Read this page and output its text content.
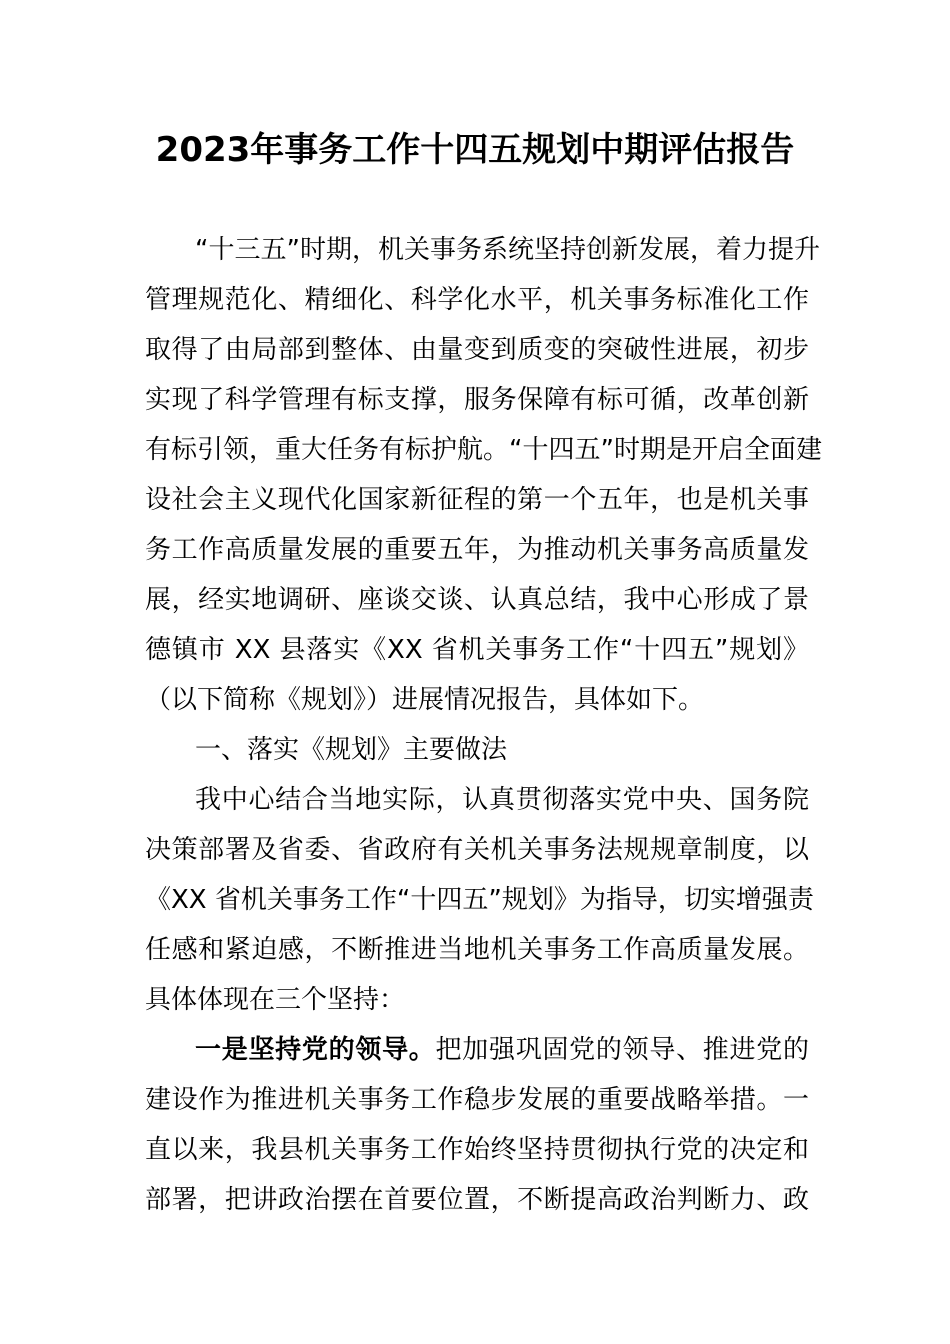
2023年事务工作十四五规划中期评估报告
“十三五”时期，机关事务系统坚持创新发展，着力提升
管理规范化、精细化、科学化水平，机关事务标准化工作
取得了由局部到整体、由量变到质变的突破性进展，初步
实现了科学管理有标支撑，服务保障有标可循，改革创新
有标引领，重大任务有标护航。“十四五”时期是开启全面建
设社会主义现代化国家新征程的第一个五年，也是机关事
务工作高质量发展的重要五年，为推动机关事务高质量发
展，经实地调研、座谈交谈、认真总结，我中心形成了景
德镇市 XX 县落实《XX 省机关事务工作“十四五”规划》
（以下简称《规划》）进展情况报告，具体如下。
一、落实《规划》主要做法
我中心结合当地实际，认真贯彻落实党中央、国务院
决策部署及省委、省政府有关机关事务法规规章制度，以
《XX 省机关事务工作“十四五”规划》为指导，切实增强责
任感和紧迫感，不断推进当地机关事务工作高质量发展。
具体体现在三个坚持：
一是坚持党的领导。把加强巩固党的领导、推进党的
建设作为推进机关事务工作稳步发展的重要战略举措。一
直以来，我县机关事务工作始终坚持贯彻执行党的决定和
部署，把讲政治摆在首要位置，不断提高政治判断力、政
